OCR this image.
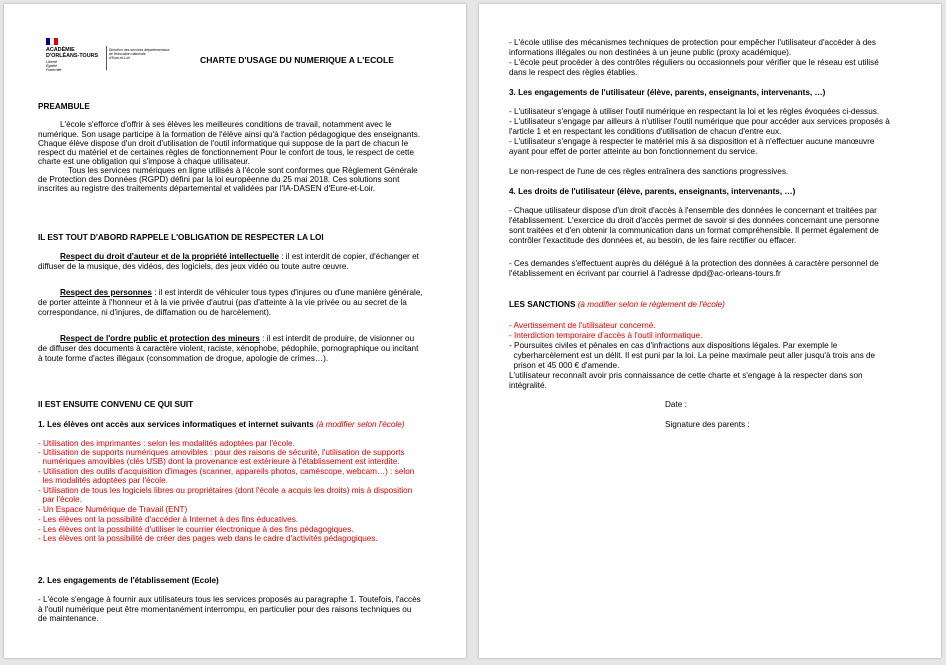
ACADÉMIE
D'ORLÉANS-TOURS
Liberté
Égalité
Fraternité
Direction des services départementaux
de l'éducation nationale
d'Eure-et-Loir	CHARTE D'USAGE DU NUMERIQUE A L'ECOLE
PREAMBULE
L'école s'efforce d'offrir à ses élèves les meilleures conditions de travail, notamment avec le
numérique. Son usage participe à la formation de l'élève ainsi qu'à l'action pédagogique des enseignants.
Chaque élève dispose d'un droit d'utilisation de l'outil informatique qui suppose de la part de chacun le
respect du matériel et de certaines règles de fonctionnement Pour le confort de tous, le respect de cette
charte est une obligation qui s'impose à chaque utilisateur.
Tous les services numériques en ligne utilisés à l'école sont conformes que Règlement Générale
de Protection des Données (RGPD) défini par la loi européenne du 25 mai 2018. Ces solutions sont
inscrites au registre des traitements départemental et validées par l'IA-DASEN d'Eure-et-Loir.
IL EST TOUT D'ABORD RAPPELE L'OBLIGATION DE RESPECTER LA LOI
Respect du droit d'auteur et de la propriété intellectuelle : il est interdit de copier, d'échanger et
diffuser de la musique, des vidéos, des logiciels, des jeux vidéo ou toute autre œuvre.
Respect des personnes : il est interdit de véhiculer tous types d'injures ou d'une manière générale,
de porter atteinte à l'honneur et à la vie privée d'autrui (pas d'atteinte à la vie privée ou au secret de la
correspondance, ni d'injures, de diffamation ou de harcèlement).
Respect de l'ordre public et protection des mineurs : il est interdit de produire, de visionner ou
de diffuser des documents à caractère violent, raciste, xénophobe, pédophile, pornographique ou incitant
à toute forme d'actes illégaux (consommation de drogue, apologie de crimes…).
Il EST ENSUITE CONVENU CE QUI SUIT
1. Les élèves ont accès aux services informatiques et internet suivants (à modifier selon l'école)
- Utilisation des imprimantes : selon les modalités adoptées par l'école.
- Utilisation de supports numériques amovibles : pour des raisons de sécurité, l'utilisation de supports
numériques amovibles (clés USB) dont la provenance est extérieure à l'établissement est interdite.
- Utilisation des outils d'acquisition d'images (scanner, appareils photos, caméscope, webcam…) : selon
les modalités adoptées par l'école.
- Utilisation de tous les logiciels libres ou propriétaires (dont l'école a acquis les droits) mis à disposition
par l'école.
- Un Espace Numérique de Travail (ENT)
- Les élèves ont la possibilité d'accéder à Internet à des fins éducatives.
- Les élèves ont la possibilité d'utiliser le courrier électronique à des fins pédagogiques.
- Les élèves ont la possibilité de créer des pages web dans le cadre d'activités pédagogiques.
2. Les engagements de l'établissement (Ecole)
- L'école s'engage à fournir aux utilisateurs tous les services proposés au paragraphe 1. Toutefois, l'accès
à l'outil numérique peut être momentanément interrompu, en particulier pour des raisons techniques ou
de maintenance.
- L'école utilise des mécanismes techniques de protection pour empêcher l'utilisateur d'accéder à des
informations illégales ou non destinées à un jeune public (proxy académique).
- L'école peut procéder à des contrôles réguliers ou occasionnels pour vérifier que le réseau est utilisé
dans le respect des règles établies.
3. Les engagements de l'utilisateur (élève, parents, enseignants, intervenants, …)
- L'utilisateur s'engage à utiliser l'outil numérique en respectant la loi et les règles évoquées ci-dessus.
- L'utilisateur s'engage par ailleurs à n'utiliser l'outil numérique que pour accéder aux services proposés à
l'article 1 et en respectant les conditions d'utilisation de chacun d'entre eux.
- L'utilisateur s'engage à respecter le matériel mis à sa disposition et à n'effectuer aucune manœuvre
ayant pour effet de porter atteinte au bon fonctionnement du service.
Le non-respect de l'une de ces règles entraînera des sanctions progressives.
4. Les droits de l'utilisateur (élève, parents, enseignants, intervenants, …)
- Chaque utilisateur dispose d'un droit d'accès à l'ensemble des données le concernant et traitées par
l'établissement. L'exercice du droit d'accès permet de savoir si des données concernant une personne
sont traitées et d'en obtenir la communication dans un format compréhensible. Il permet également de
contrôler l'exactitude des données et, au besoin, de les faire rectifier ou effacer.
- Ces demandes s'effectuent auprès du délégué à la protection des données à caractère personnel de
l'établissement en écrivant par courriel à l'adresse dpd@ac-orleans-tours.fr
LES SANCTIONS (à modifier selon le règlement de l'école)
- Avertissement de l'utilisateur concerné.
- Interdiction temporaire d'accès à l'outil informatique.
- Poursuites civiles et pénales en cas d'infractions aux dispositions légales. Par exemple le
cyberharcèlement est un délit. Il est puni par la loi. La peine maximale peut aller jusqu'à trois ans de
prison et 45 000 € d'amende.
L'utilisateur reconnaît avoir pris connaissance de cette charte et s'engage à la respecter dans son
intégralité.
Date :
Signature des parents :
